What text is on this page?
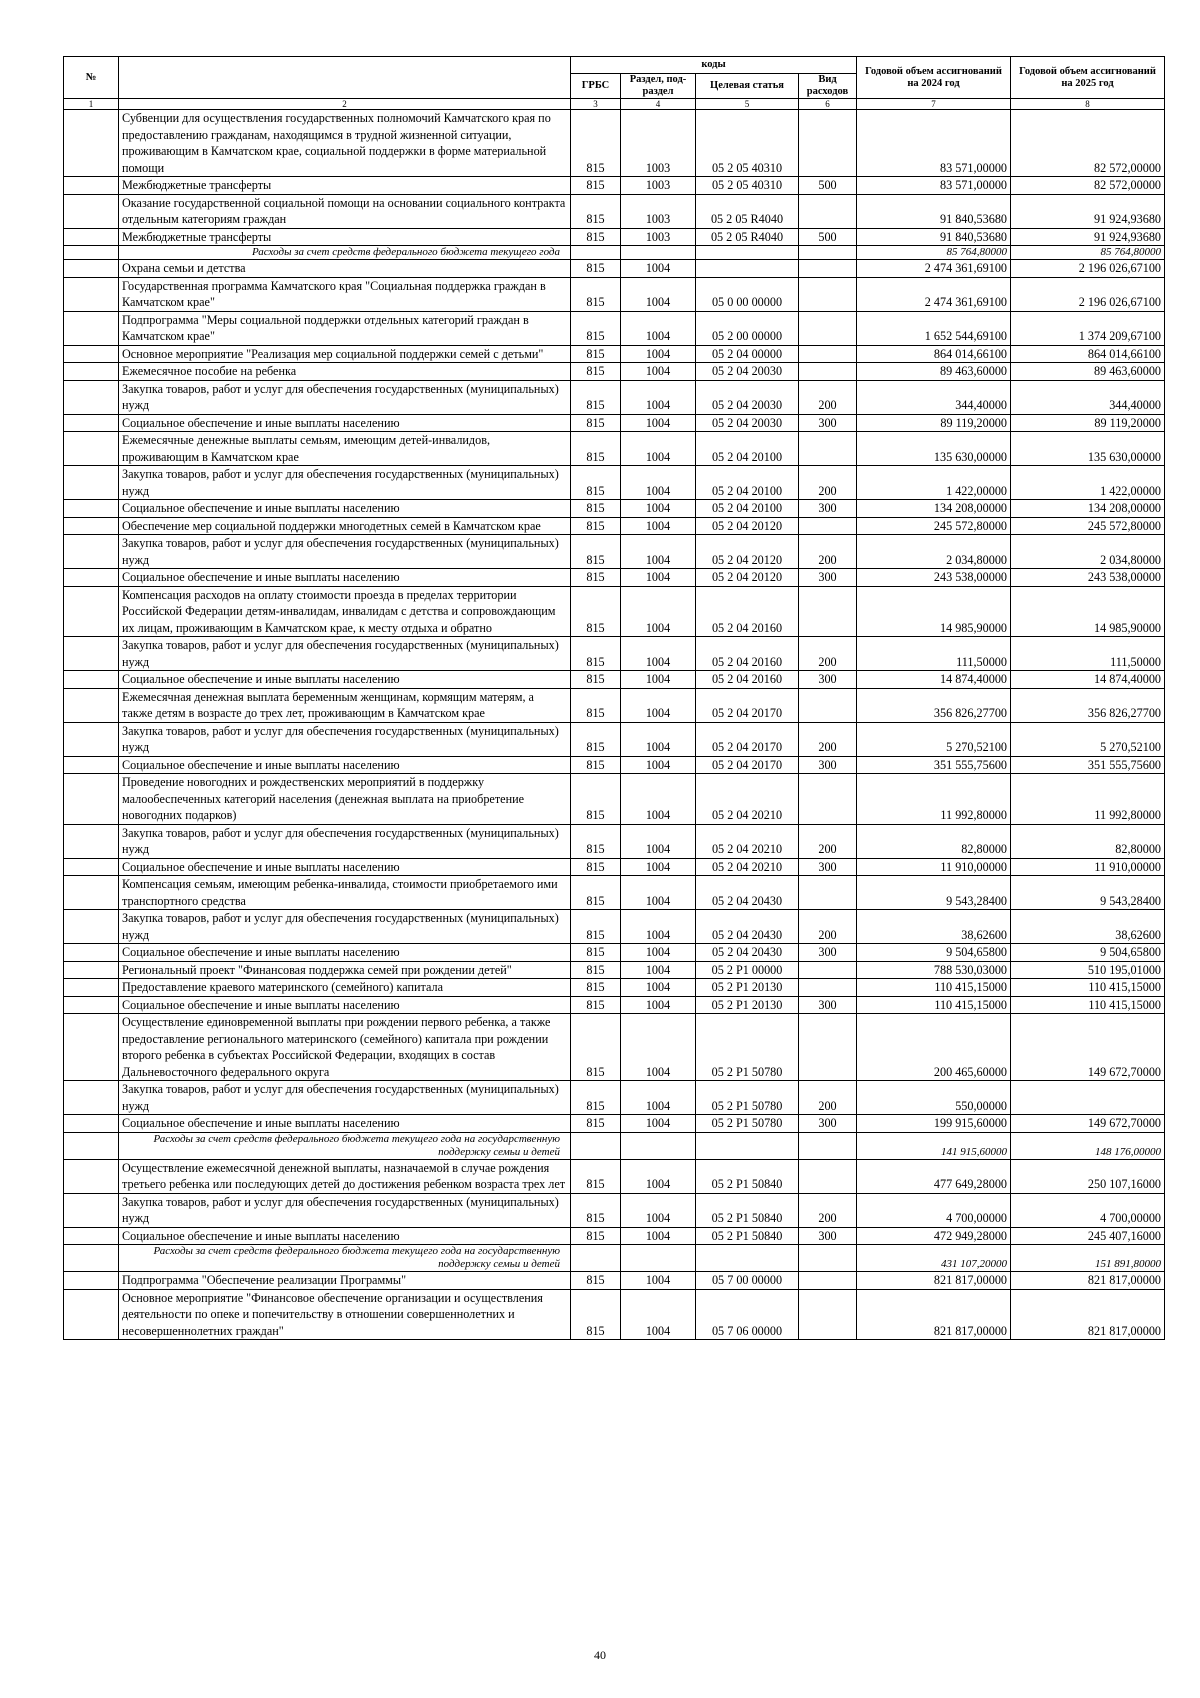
№		коды				Годовой объем ассигнований на 2024 год	Годовой объем ассигнований на 2025 год
		ГРБС	Раздел, под-раздел	Целевая статья	Вид расходов		
1	2	3	4	5	6	7	8
	Субвенции для осуществления государственных полномочий Камчатского края по предоставлению гражданам, находящимся в трудной жизненной ситуации, проживающим в Камчатском крае, социальной поддержки в форме материальной помощи	815	1003	05 2 05 40310		83 571,00000	82 572,00000
	Межбюджетные трансферты	815	1003	05 2 05 40310	500	83 571,00000	82 572,00000
	Оказание государственной социальной помощи на основании социального контракта отдельным категориям граждан	815	1003	05 2 05 R4040		91 840,53680	91 924,93680
	Межбюджетные трансферты	815	1003	05 2 05 R4040	500	91 840,53680	91 924,93680
	Расходы за счет средств федерального бюджета текущего года					85 764,80000	85 764,80000
	Охрана семьи и детства	815	1004			2 474 361,69100	2 196 026,67100
	Государственная программа Камчатского края "Социальная поддержка граждан в Камчатском крае"	815	1004	05 0 00 00000		2 474 361,69100	2 196 026,67100
	Подпрограмма "Меры социальной поддержки отдельных категорий граждан в Камчатском крае"	815	1004	05 2 00 00000		1 652 544,69100	1 374 209,67100
	Основное мероприятие "Реализация мер социальной поддержки семей с детьми"	815	1004	05 2 04 00000		864 014,66100	864 014,66100
	Ежемесячное пособие на ребенка	815	1004	05 2 04 20030		89 463,60000	89 463,60000
	Закупка товаров, работ и услуг для обеспечения государственных (муниципальных) нужд	815	1004	05 2 04 20030	200	344,40000	344,40000
	Социальное обеспечение и иные выплаты населению	815	1004	05 2 04 20030	300	89 119,20000	89 119,20000
	Ежемесячные денежные выплаты семьям, имеющим детей-инвалидов, проживающим в Камчатском крае	815	1004	05 2 04 20100		135 630,00000	135 630,00000
	Закупка товаров, работ и услуг для обеспечения государственных (муниципальных) нужд	815	1004	05 2 04 20100	200	1 422,00000	1 422,00000
	Социальное обеспечение и иные выплаты населению	815	1004	05 2 04 20100	300	134 208,00000	134 208,00000
	Обеспечение мер социальной поддержки многодетных семей в Камчатском крае	815	1004	05 2 04 20120		245 572,80000	245 572,80000
	Закупка товаров, работ и услуг для обеспечения государственных (муниципальных) нужд	815	1004	05 2 04 20120	200	2 034,80000	2 034,80000
	Социальное обеспечение и иные выплаты населению	815	1004	05 2 04 20120	300	243 538,00000	243 538,00000
	Компенсация расходов на оплату стоимости проезда в пределах территории Российской Федерации детям-инвалидам, инвалидам с детства и сопровождающим их лицам, проживающим в Камчатском крае, к месту отдыха и обратно	815	1004	05 2 04 20160		14 985,90000	14 985,90000
	Закупка товаров, работ и услуг для обеспечения государственных (муниципальных) нужд	815	1004	05 2 04 20160	200	111,50000	111,50000
	Социальное обеспечение и иные выплаты населению	815	1004	05 2 04 20160	300	14 874,40000	14 874,40000
	Ежемесячная денежная выплата беременным женщинам, кормящим матерям, а также детям в возрасте до трех лет, проживающим в Камчатском крае	815	1004	05 2 04 20170		356 826,27700	356 826,27700
	Закупка товаров, работ и услуг для обеспечения государственных (муниципальных) нужд	815	1004	05 2 04 20170	200	5 270,52100	5 270,52100
	Социальное обеспечение и иные выплаты населению	815	1004	05 2 04 20170	300	351 555,75600	351 555,75600
	Проведение новогодних и рождественских мероприятий в поддержку малообеспеченных категорий населения (денежная выплата на приобретение новогодних подарков)	815	1004	05 2 04 20210		11 992,80000	11 992,80000
	Закупка товаров, работ и услуг для обеспечения государственных (муниципальных) нужд	815	1004	05 2 04 20210	200	82,80000	82,80000
	Социальное обеспечение и иные выплаты населению	815	1004	05 2 04 20210	300	11 910,00000	11 910,00000
	Компенсация семьям, имеющим ребенка-инвалида, стоимости приобретаемого ими транспортного средства	815	1004	05 2 04 20430		9 543,28400	9 543,28400
	Закупка товаров, работ и услуг для обеспечения государственных (муниципальных) нужд	815	1004	05 2 04 20430	200	38,62600	38,62600
	Социальное обеспечение и иные выплаты населению	815	1004	05 2 04 20430	300	9 504,65800	9 504,65800
	Региональный проект "Финансовая поддержка семей при рождении детей"	815	1004	05 2 P1 00000		788 530,03000	510 195,01000
	Предоставление краевого материнского (семейного) капитала	815	1004	05 2 P1 20130		110 415,15000	110 415,15000
	Социальное обеспечение и иные выплаты населению	815	1004	05 2 P1 20130	300	110 415,15000	110 415,15000
	Осуществление единовременной выплаты при рождении первого ребенка, а также предоставление регионального материнского (семейного) капитала при рождении второго ребенка в субъектах Российской Федерации, входящих в состав Дальневосточного федерального округа	815	1004	05 2 P1 50780		200 465,60000	149 672,70000
	Закупка товаров, работ и услуг для обеспечения государственных (муниципальных) нужд	815	1004	05 2 P1 50780	200	550,00000	
	Социальное обеспечение и иные выплаты населению	815	1004	05 2 P1 50780	300	199 915,60000	149 672,70000
	Расходы за счет средств федерального бюджета текущего года на государственную поддержку семьи и детей					141 915,60000	148 176,00000
	Осуществление ежемесячной денежной выплаты, назначаемой в случае рождения третьего ребенка или последующих детей до достижения ребенком возраста трех лет	815	1004	05 2 P1 50840		477 649,28000	250 107,16000
	Закупка товаров, работ и услуг для обеспечения государственных (муниципальных) нужд	815	1004	05 2 P1 50840	200	4 700,00000	4 700,00000
	Социальное обеспечение и иные выплаты населению	815	1004	05 2 P1 50840	300	472 949,28000	245 407,16000
	Расходы за счет средств федерального бюджета текущего года на государственную поддержку семьи и детей					431 107,20000	151 891,80000
	Подпрограмма "Обеспечение реализации Программы"	815	1004	05 7 00 00000		821 817,00000	821 817,00000
	Основное мероприятие "Финансовое обеспечение организации и осуществления деятельности по опеке и попечительству в отношении совершеннолетних и несовершеннолетних граждан"	815	1004	05 7 06 00000		821 817,00000	821 817,00000
40
